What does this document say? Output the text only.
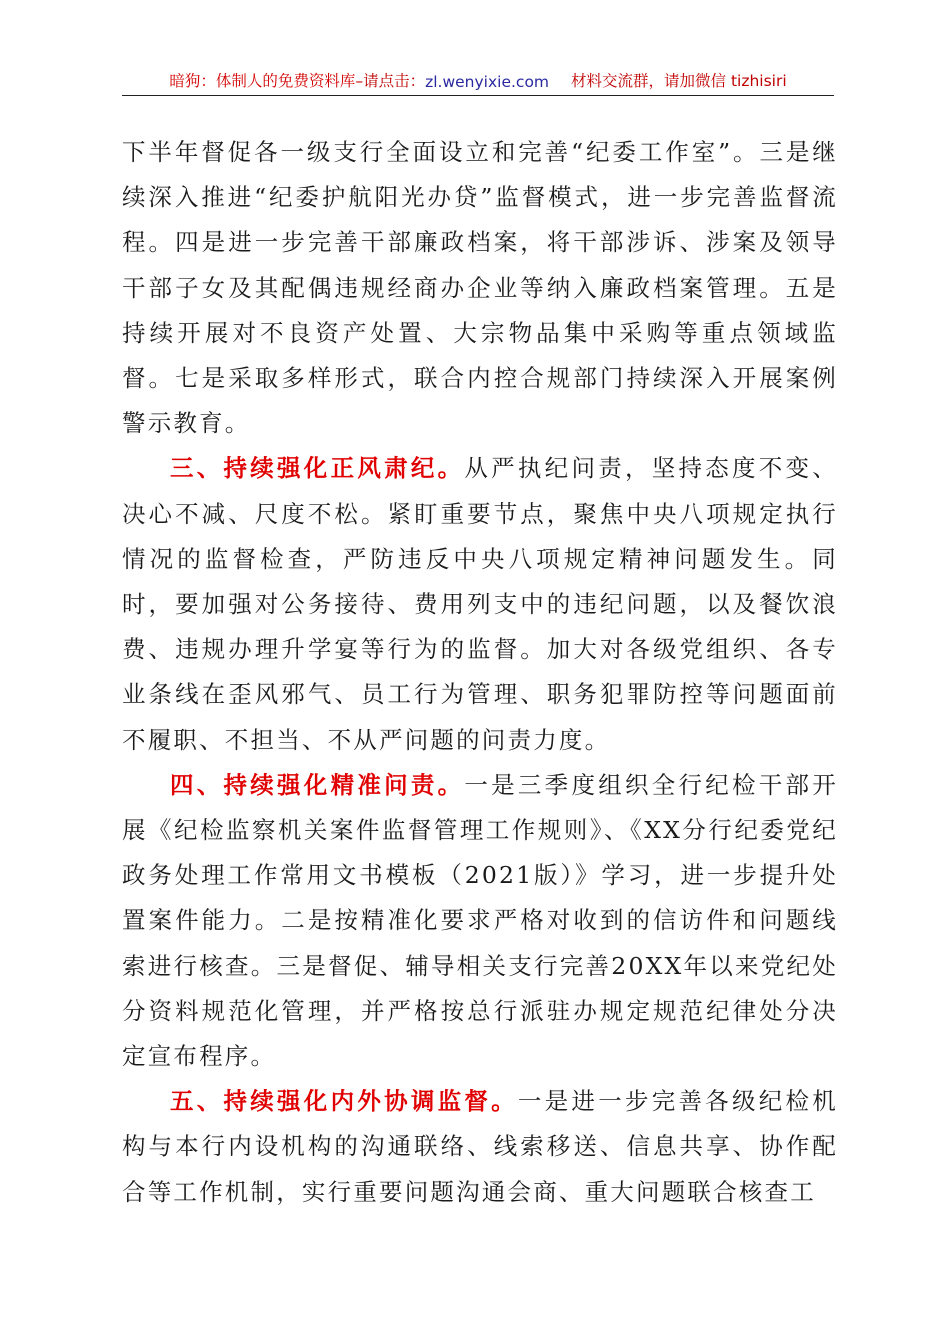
暗狗：体制人的免费资料库 –请点击： zl.wenyixie.com 材料交流群，请加微信 tizhisiri

下半年督促各一级支行全面设立和完善“纪委工作室”。三是继续深入推进“纪委护航阳光办贷”监督模式，进一步完善监督流程。四是进一步完善干部廉政档案，将干部涉诉、涉案及领导干部子女及其配偶违规经商办企业等纳入廉政档案管理。五是持续开展对不良资产处置、大宗物品集中采购等重点领域监督。七是采取多样形式，联合内控合规部门持续深入开展案例警示教育。

三、持续强化正风肃纪。从严执纪问责，坚持态度不变、决心不减、尺度不松。紧盯重要节点，聚焦中央八项规定执行情况的监督检查，严防违反中央八项规定精神问题发生。同时，要加强对公务接待、费用列支中的违纪问题，以及餐饮浪费、违规办理升学宴等行为的监督。加大对各级党组织、各专业条线在歪风邪气、员工行为管理、职务犯罪防控等问题面前不履职、不担当、不从严问题的问责力度。

四、持续强化精准问责。一是三季度组织全行纪检干部开展《纪检监察机关案件监督管理工作规则》、《XX分行纪委党纪政务处理工作常用文书模板（2021版）》学习，进一步提升处置案件能力。二是按精准化要求严格对收到的信访件和问题线索进行核查。三是督促、辅导相关支行完善20XX年以来党纪处分资料规范化管理，并严格按总行派驻办规定规范纪律处分决定宣布程序。

五、持续强化内外协调监督。一是进一步完善各级纪检机构与本行内设机构的沟通联络、线索移送、信息共享、协作配合等工作机制，实行重要问题沟通会商、重大问题联合核查工
